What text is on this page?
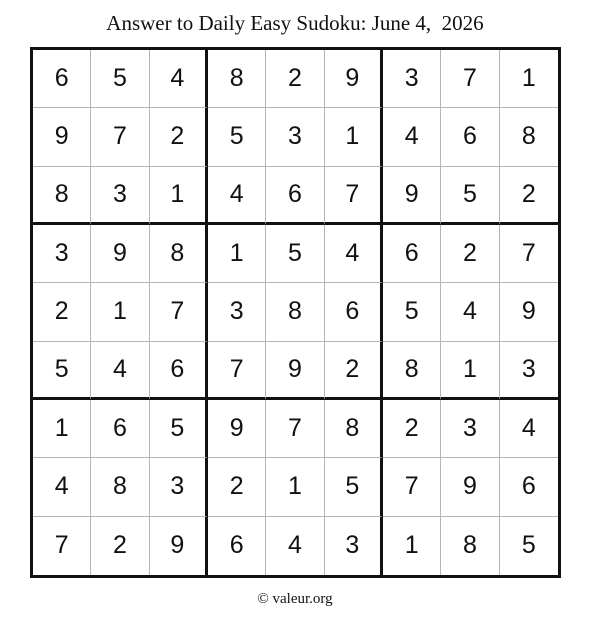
Answer to Daily Easy Sudoku: June 4,  2026
6	5	4	8	2	9	3	7	1
9	7	2	5	3	1	4	6	8
8	3	1	4	6	7	9	5	2
3	9	8	1	5	4	6	2	7
2	1	7	3	8	6	5	4	9
5	4	6	7	9	2	8	1	3
1	6	5	9	7	8	2	3	4
4	8	3	2	1	5	7	9	6
7	2	9	6	4	3	1	8	5
© valeur.org
